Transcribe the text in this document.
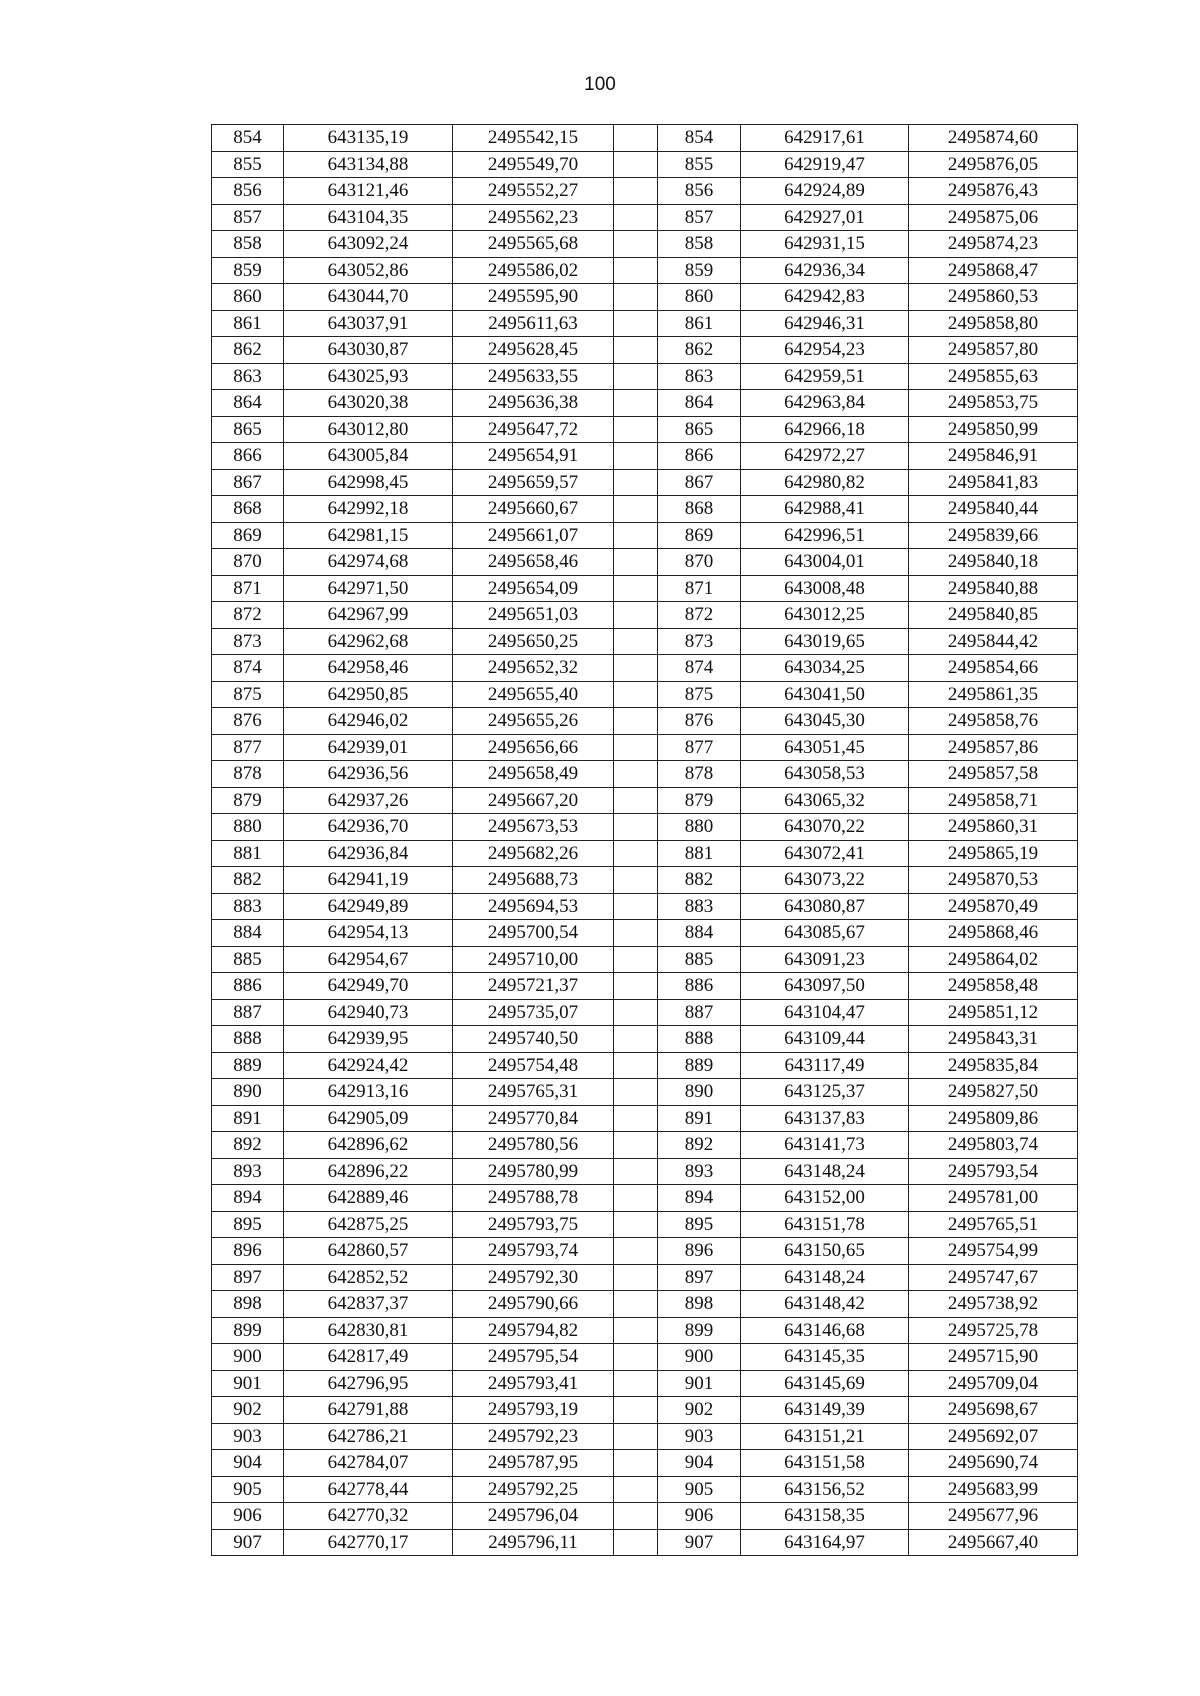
100
854	643135,19	2495542,15		854	642917,61	2495874,60
855	643134,88	2495549,70		855	642919,47	2495876,05
856	643121,46	2495552,27		856	642924,89	2495876,43
857	643104,35	2495562,23		857	642927,01	2495875,06
858	643092,24	2495565,68		858	642931,15	2495874,23
859	643052,86	2495586,02		859	642936,34	2495868,47
860	643044,70	2495595,90		860	642942,83	2495860,53
861	643037,91	2495611,63		861	642946,31	2495858,80
862	643030,87	2495628,45		862	642954,23	2495857,80
863	643025,93	2495633,55		863	642959,51	2495855,63
864	643020,38	2495636,38		864	642963,84	2495853,75
865	643012,80	2495647,72		865	642966,18	2495850,99
866	643005,84	2495654,91		866	642972,27	2495846,91
867	642998,45	2495659,57		867	642980,82	2495841,83
868	642992,18	2495660,67		868	642988,41	2495840,44
869	642981,15	2495661,07		869	642996,51	2495839,66
870	642974,68	2495658,46		870	643004,01	2495840,18
871	642971,50	2495654,09		871	643008,48	2495840,88
872	642967,99	2495651,03		872	643012,25	2495840,85
873	642962,68	2495650,25		873	643019,65	2495844,42
874	642958,46	2495652,32		874	643034,25	2495854,66
875	642950,85	2495655,40		875	643041,50	2495861,35
876	642946,02	2495655,26		876	643045,30	2495858,76
877	642939,01	2495656,66		877	643051,45	2495857,86
878	642936,56	2495658,49		878	643058,53	2495857,58
879	642937,26	2495667,20		879	643065,32	2495858,71
880	642936,70	2495673,53		880	643070,22	2495860,31
881	642936,84	2495682,26		881	643072,41	2495865,19
882	642941,19	2495688,73		882	643073,22	2495870,53
883	642949,89	2495694,53		883	643080,87	2495870,49
884	642954,13	2495700,54		884	643085,67	2495868,46
885	642954,67	2495710,00		885	643091,23	2495864,02
886	642949,70	2495721,37		886	643097,50	2495858,48
887	642940,73	2495735,07		887	643104,47	2495851,12
888	642939,95	2495740,50		888	643109,44	2495843,31
889	642924,42	2495754,48		889	643117,49	2495835,84
890	642913,16	2495765,31		890	643125,37	2495827,50
891	642905,09	2495770,84		891	643137,83	2495809,86
892	642896,62	2495780,56		892	643141,73	2495803,74
893	642896,22	2495780,99		893	643148,24	2495793,54
894	642889,46	2495788,78		894	643152,00	2495781,00
895	642875,25	2495793,75		895	643151,78	2495765,51
896	642860,57	2495793,74		896	643150,65	2495754,99
897	642852,52	2495792,30		897	643148,24	2495747,67
898	642837,37	2495790,66		898	643148,42	2495738,92
899	642830,81	2495794,82		899	643146,68	2495725,78
900	642817,49	2495795,54		900	643145,35	2495715,90
901	642796,95	2495793,41		901	643145,69	2495709,04
902	642791,88	2495793,19		902	643149,39	2495698,67
903	642786,21	2495792,23		903	643151,21	2495692,07
904	642784,07	2495787,95		904	643151,58	2495690,74
905	642778,44	2495792,25		905	643156,52	2495683,99
906	642770,32	2495796,04		906	643158,35	2495677,96
907	642770,17	2495796,11		907	643164,97	2495667,40
